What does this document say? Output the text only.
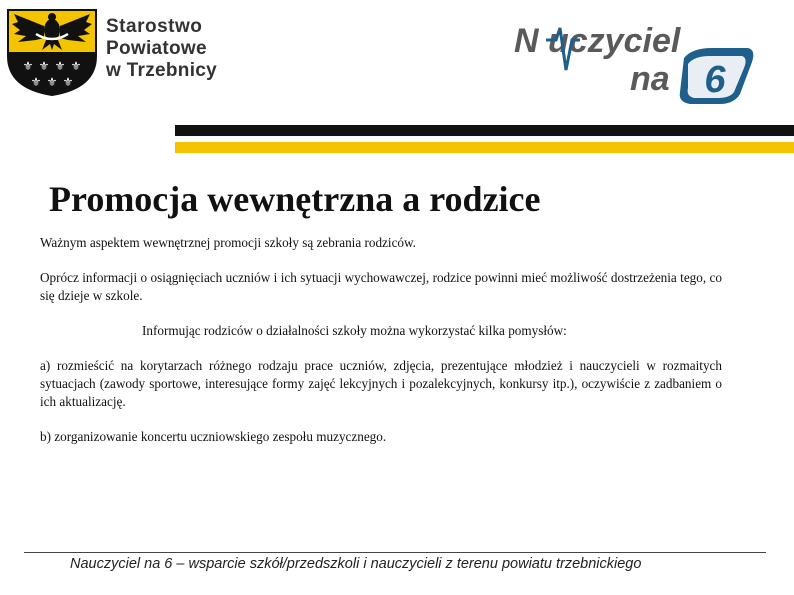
⚜ ⚜ ⚜ ⚜
⚜ ⚜ ⚜
Starostwo
Powiatowe
w Trzebnicy
N uczyciel
na 6
Promocja wewnętrzna a rodzice

Ważnym aspektem wewnętrznej promocji szkoły są zebrania rodziców.

Oprócz informacji o osiągnięciach uczniów i ich sytuacji wychowawczej, rodzice powinni mieć możliwość dostrzeżenia tego, co się dzieje w szkole.

Informując rodziców o działalności szkoły można wykorzystać kilka pomysłów:

a) rozmieścić na korytarzach różnego rodzaju prace uczniów, zdjęcia, prezentujące młodzież i nauczycieli w rozmaitych sytuacjach (zawody sportowe, interesujące formy zajęć lekcyjnych i pozalekcyjnych, konkursy itp.), oczywiście z zadbaniem o ich aktualizację.

b) zorganizowanie koncertu uczniowskiego zespołu muzycznego.

Nauczyciel na 6 – wsparcie szkół/przedszkoli i nauczycieli z terenu powiatu trzebnickiego
